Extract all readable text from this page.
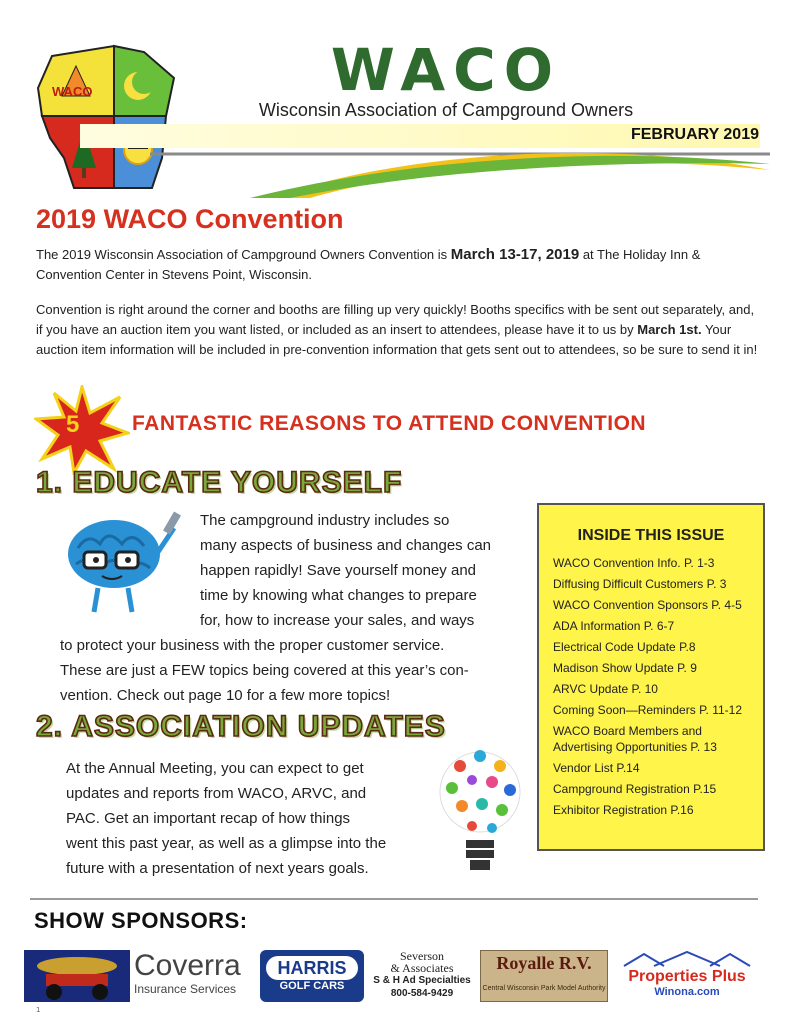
WACO	WACO
Wisconsin Association of Campground Owners
FEBRUARY 2019
2019 WACO Convention
The 2019 Wisconsin Association of Campground Owners Convention is March 13-17, 2019 at The Holiday Inn & Convention Center in Stevens Point, Wisconsin.
Convention is right around the corner and booths are filling up very quickly! Booths specifics with be sent out separately, and, if you have an auction item you want listed, or included as an insert to attendees, please have it to us by March 1st. Your auction item information will be included in pre-convention information that gets sent out to attendees, so be sure to send it in!
5	FANTASTIC REASONS TO ATTEND CONVENTION
1. EDUCATE YOURSELF
The campground industry includes so
many aspects of business and changes can
happen rapidly! Save yourself money and
time by knowing what changes to prepare
for, how to increase your sales, and ways
to protect your business with the proper customer service.
These are just a FEW topics being covered at this year’s con-
vention. Check out page 10 for a few more topics!
2. ASSOCIATION UPDATES
At the Annual Meeting, you can expect to get
updates and reports from WACO, ARVC, and
PAC. Get an important recap of how things
went this past year, as well as a glimpse into the
future with a presentation of next years goals.
INSIDE THIS ISSUE
WACO Convention Info. P. 1-3
Diffusing Difficult Customers P. 3
WACO Convention Sponsors P. 4-5
ADA Information P. 6-7
Electrical Code Update P.8
Madison Show Update P. 9
ARVC Update P. 10
Coming Soon—Reminders P. 11-12
WACO Board Members and Advertising Opportunities P. 13
Vendor List P.14
Campground Registration P.15
Exhibitor Registration P.16
SHOW SPONSORS:
Coverra
Insurance Services
HARRIS
GOLF CARS
Severson
& Associates
S & H Ad Specialties
800-584-9429
Royalle R.V.
Central Wisconsin Park Model Authority
Properties Plus
Winona.com
1
